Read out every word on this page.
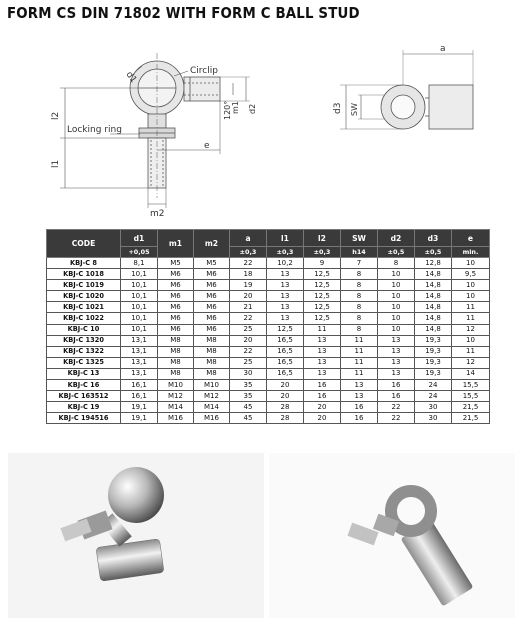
FORM CS DIN 71802 WITH FORM C BALL STUD
d1	Circlip
120° m1 d2
l2
Locking ring
l1
e
m2
a
d3 SW
CODE	d1	m1	m2	a	l1	l2	SW	d2	d3	e
	+0,05			±0,3	±0,3	±0,3	h14	±0,5	±0,5	min.
KBJ-C 8	8,1	M5	M5	22	10,2	9	7	8	12,8	10
KBJ-C 1018	10,1	M6	M6	18	13	12,5	8	10	14,8	9,5
KBJ-C 1019	10,1	M6	M6	19	13	12,5	8	10	14,8	10
KBJ-C 1020	10,1	M6	M6	20	13	12,5	8	10	14,8	10
KBJ-C 1021	10,1	M6	M6	21	13	12,5	8	10	14,8	11
KBJ-C 1022	10,1	M6	M6	22	13	12,5	8	10	14,8	11
KBJ-C 10	10,1	M6	M6	25	12,5	11	8	10	14,8	12
KBJ-C 1320	13,1	M8	M8	20	16,5	13	11	13	19,3	10
KBJ-C 1322	13,1	M8	M8	22	16,5	13	11	13	19,3	11
KBJ-C 1325	13,1	M8	M8	25	16,5	13	11	13	19,3	12
KBJ-C 13	13,1	M8	M8	30	16,5	13	11	13	19,3	14
KBJ-C 16	16,1	M10	M10	35	20	16	13	16	24	15,5
KBJ-C 163512	16,1	M12	M12	35	20	16	13	16	24	15,5
KBJ-C 19	19,1	M14	M14	45	28	20	16	22	30	21,5
KBJ-C 194516	19,1	M16	M16	45	28	20	16	22	30	21,5
